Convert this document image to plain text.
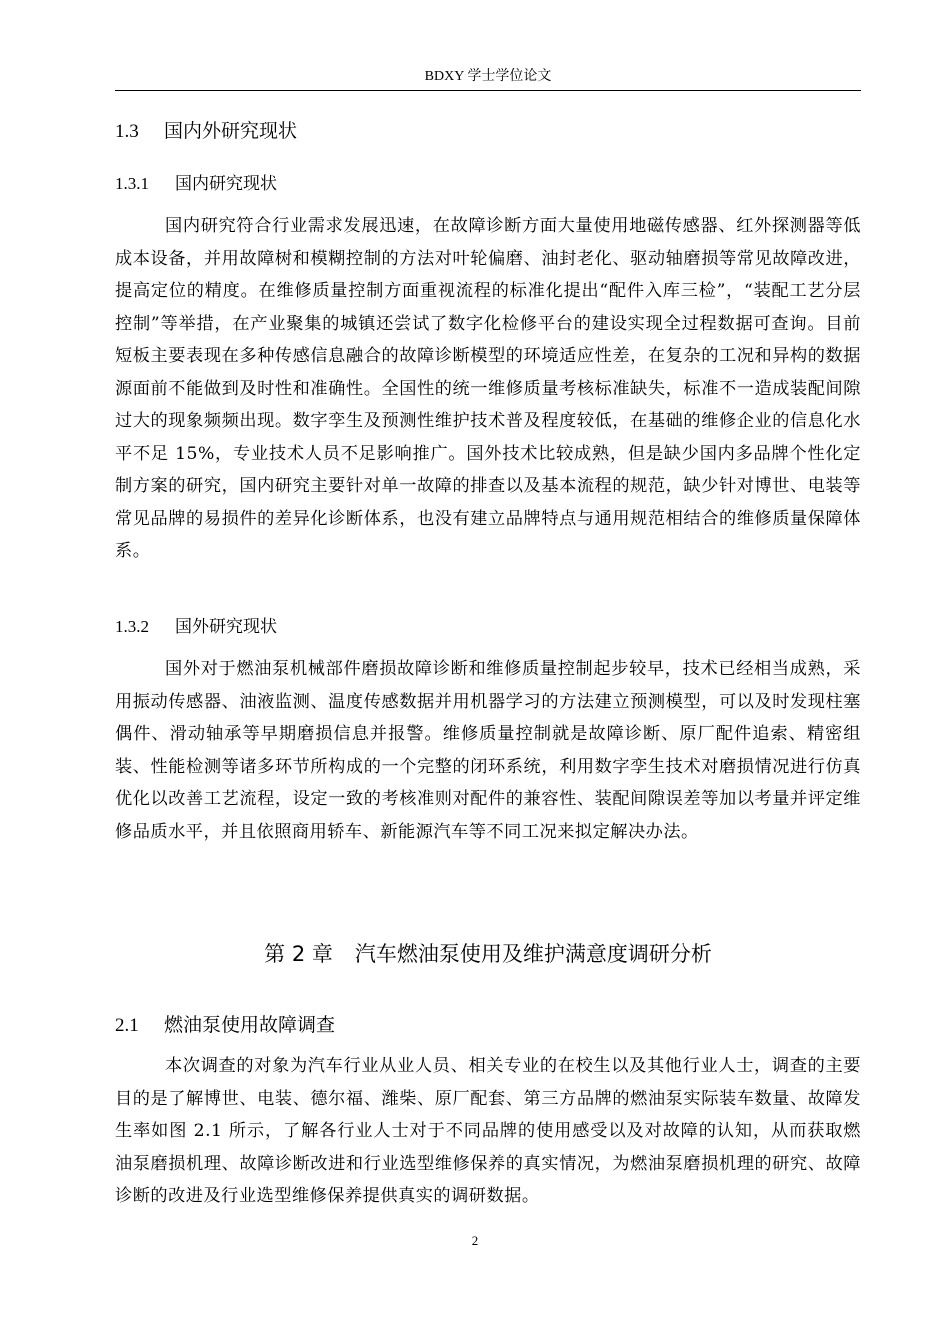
BDXY 学士学位论文
1.3 国内外研究现状
1.3.1 国内研究现状

国内研究符合行业需求发展迅速，在故障诊断方面大量使用地磁传感器、红外探测器等低成本设备，并用故障树和模糊控制的方法对叶轮偏磨、油封老化、驱动轴磨损等常见故障改进，提高定位的精度。在维修质量控制方面重视流程的标准化提出“配件入库三检”，“装配工艺分层控制”等举措，在产业聚集的城镇还尝试了数字化检修平台的建设实现全过程数据可查询。目前短板主要表现在多种传感信息融合的故障诊断模型的环境适应性差，在复杂的工况和异构的数据源面前不能做到及时性和准确性。全国性的统一维修质量考核标准缺失，标准不一造成装配间隙过大的现象频频出现。数字孪生及预测性维护技术普及程度较低，在基础的维修企业的信息化水平不足 15%，专业技术人员不足影响推广。国外技术比较成熟，但是缺少国内多品牌个性化定制方案的研究，国内研究主要针对单一故障的排查以及基本流程的规范，缺少针对博世、电装等常见品牌的易损件的差异化诊断体系，也没有建立品牌特点与通用规范相结合的维修质量保障体系。

1.3.2 国外研究现状

国外对于燃油泵机械部件磨损故障诊断和维修质量控制起步较早，技术已经相当成熟，采用振动传感器、油液监测、温度传感数据并用机器学习的方法建立预测模型，可以及时发现柱塞偶件、滑动轴承等早期磨损信息并报警。维修质量控制就是故障诊断、原厂配件追索、精密组装、性能检测等诸多环节所构成的一个完整的闭环系统，利用数字孪生技术对磨损情况进行仿真优化以改善工艺流程，设定一致的考核准则对配件的兼容性、装配间隙误差等加以考量并评定维修品质水平，并且依照商用轿车、新能源汽车等不同工况来拟定解决办法。

第 2 章 汽车燃油泵使用及维护满意度调研分析
2.1 燃油泵使用故障调查

本次调查的对象为汽车行业从业人员、相关专业的在校生以及其他行业人士，调查的主要目的是了解博世、电装、德尔福、潍柴、原厂配套、第三方品牌的燃油泵实际装车数量、故障发生率如图 2.1 所示，了解各行业人士对于不同品牌的使用感受以及对故障的认知，从而获取燃油泵磨损机理、故障诊断改进和行业选型维修保养的真实情况，为燃油泵磨损机理的研究、故障诊断的改进及行业选型维修保养提供真实的调研数据。

2
